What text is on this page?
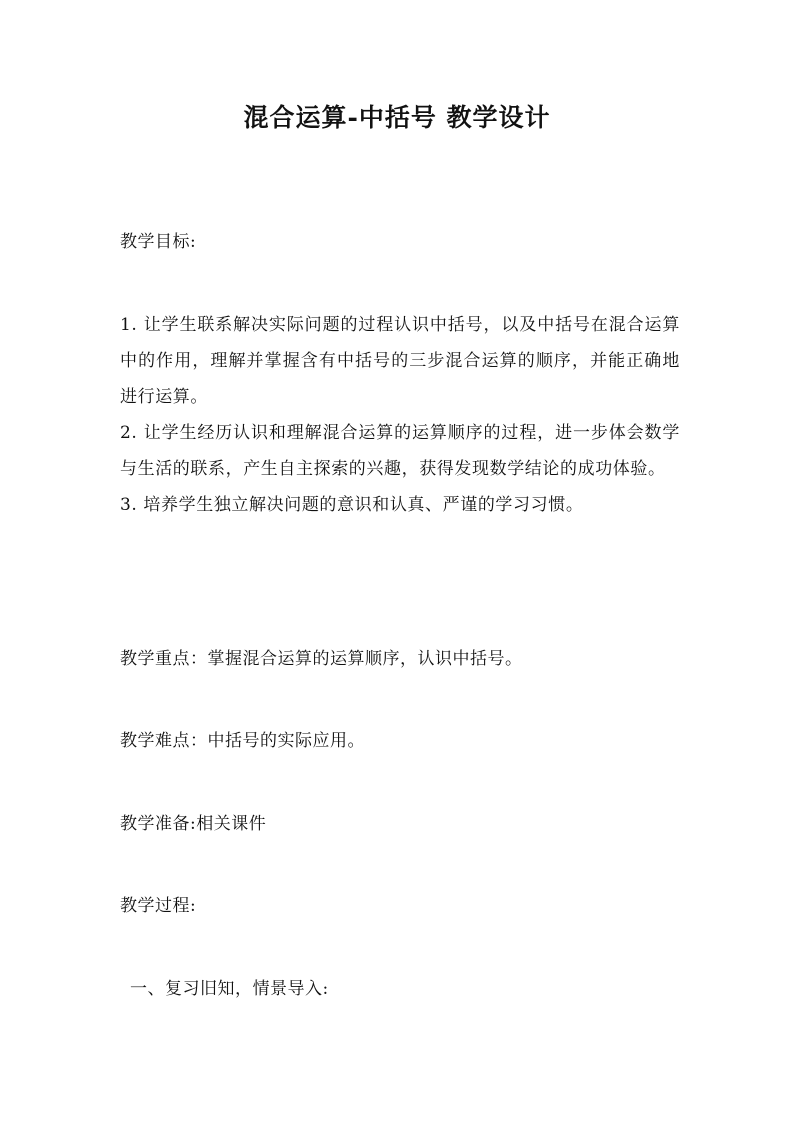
混合运算-中括号 教学设计
教学目标:

1. 让学生联系解决实际问题的过程认识中括号，以及中括号在混合运算中的作用，理解并掌握含有中括号的三步混合运算的顺序，并能正确地进行运算。

2. 让学生经历认识和理解混合运算的运算顺序的过程，进一步体会数学与生活的联系，产生自主探索的兴趣，获得发现数学结论的成功体验。

3. 培养学生独立解决问题的意识和认真、严谨的学习习惯。

教学重点：掌握混合运算的运算顺序，认识中括号。
教学难点：中括号的实际应用。
教学准备:相关课件
教学过程:
一、复习旧知，情景导入:
